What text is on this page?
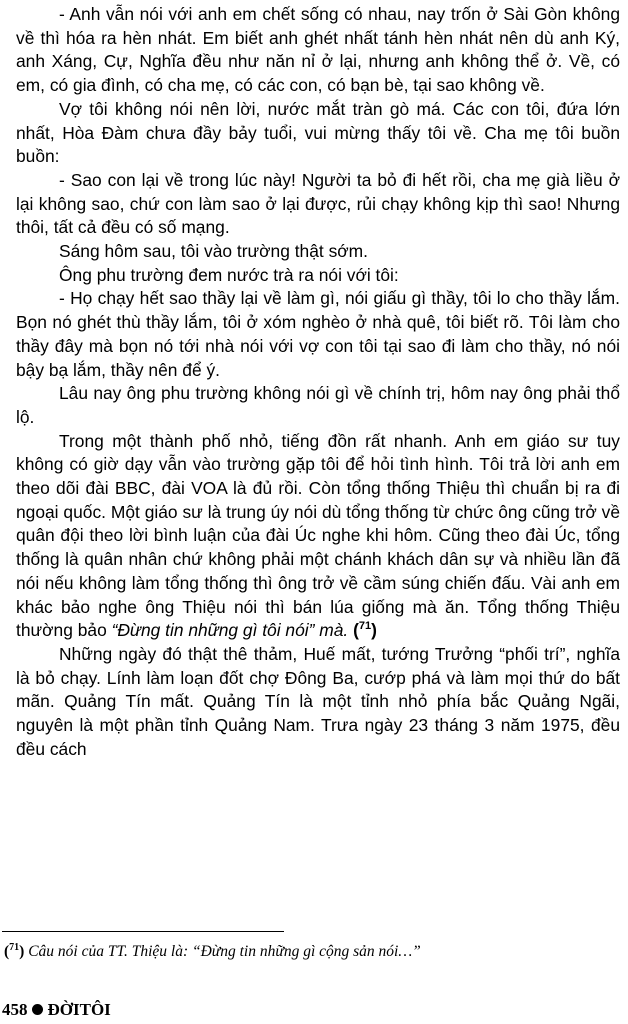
- Anh vẫn nói với anh em chết sống có nhau, nay trốn ở Sài Gòn không về thì hóa ra hèn nhát. Em biết anh ghét nhất tánh hèn nhát nên dù anh Ký, anh Xáng, Cự, Nghĩa đều như năn nỉ ở lại, nhưng anh không thể ở. Về, có em, có gia đình, có cha mẹ, có các con, có bạn bè, tại sao không về.

Vợ tôi không nói nên lời, nước mắt tràn gò má. Các con tôi, đứa lớn nhất, Hòa Đàm chưa đầy bảy tuổi, vui mừng thấy tôi về. Cha mẹ tôi buồn buồn:

- Sao con lại về trong lúc này! Người ta bỏ đi hết rồi, cha mẹ già liều ở lại không sao, chứ con làm sao ở lại được, rủi chạy không kịp thì sao! Nhưng thôi, tất cả đều có số mạng.

Sáng hôm sau, tôi vào trường thật sớm.

Ông phu trường đem nước trà ra nói với tôi:

- Họ chạy hết sao thầy lại về làm gì, nói giấu gì thầy, tôi lo cho thầy lắm. Bọn nó ghét thù thầy lắm, tôi ở xóm nghèo ở nhà quê, tôi biết rõ. Tôi làm cho thầy đây mà bọn nó tới nhà nói với vợ con tôi tại sao đi làm cho thầy, nó nói bậy bạ lắm, thầy nên để ý.

Lâu nay ông phu trường không nói gì về chính trị, hôm nay ông phải thổ lộ.

Trong một thành phố nhỏ, tiếng đồn rất nhanh. Anh em giáo sư tuy không có giờ dạy vẫn vào trường gặp tôi để hỏi tình hình. Tôi trả lời anh em theo dõi đài BBC, đài VOA là đủ rồi. Còn tổng thống Thiệu thì chuẩn bị ra đi ngoại quốc. Một giáo sư là trung úy nói dù tổng thống từ chức ông cũng trở về quân đội theo lời bình luận của đài Úc nghe khi hôm. Cũng theo đài Úc, tổng thống là quân nhân chứ không phải một chánh khách dân sự và nhiều lần đã nói nếu không làm tổng thống thì ông trở về cầm súng chiến đấu. Vài anh em khác bảo nghe ông Thiệu nói thì bán lúa giống mà ăn. Tổng thống Thiệu thường bảo “Đừng tin những gì tôi nói” mà. ($^{71}$)

Những ngày đó thật thê thảm, Huế mất, tướng Trưởng “phối trí”, nghĩa là bỏ chạy. Lính làm loạn đốt chợ Đông Ba, cướp phá và làm mọi thứ do bất mãn. Quảng Tín mất. Quảng Tín là một tỉnh nhỏ phía bắc Quảng Ngãi, nguyên là một phần tỉnh Quảng Nam. Trưa ngày 23 tháng 3 năm 1975, đều đều cách

($^{71}$) Câu nói của TT. Thiệu là: “Đừng tin những gì cộng sản nói…”
458 ĐỜITÔI
